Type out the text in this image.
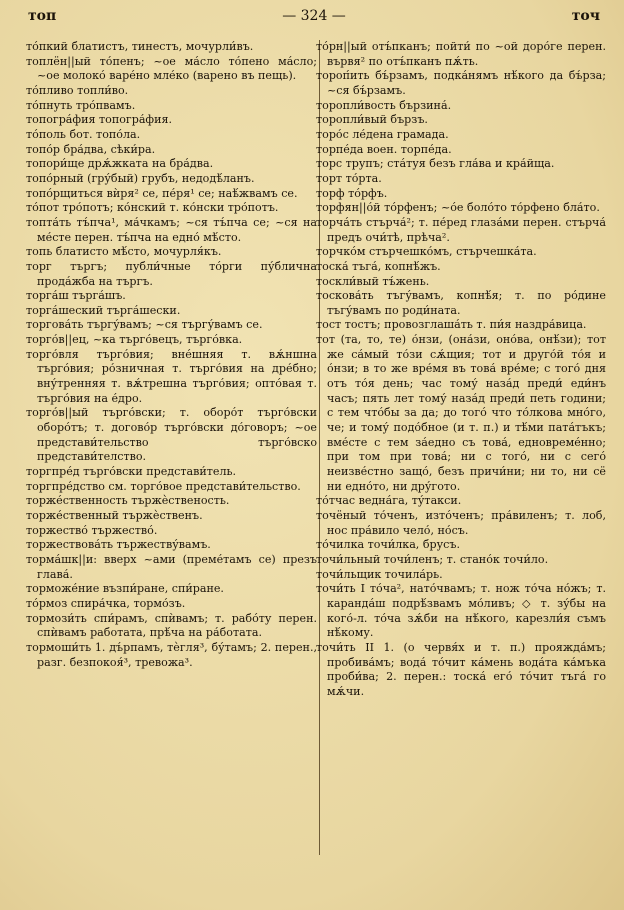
топ	— 324 —	точ

то́пкий блатистъ, тинестъ, мочурли́въ.

топлён||ый то́пенъ; ~ое ма́сло то́пено ма́сло; ~ое молоко́ варе́но мле́ко (варено въ пещь).

то́пливо топли́во.

то́пнуть тро́пвамъ.

топогра́фия топогра́фия.

то́поль бот. топо́ла.

топо́р бра́два, сѣки́ра.

топори́ще дрѫ́жката на бра́два.

топо́рный (гру́бый) грубъ, недодѣ́ланъ.

топо́рщиться вѝря² се, пе́ря¹ се; наѣ́жвамъ се.

то́пот тро́потъ; ко́нский т. ко́нски тро́потъ.

топта́ть тъ́пча¹, ма́чкамъ; ~ся тъ́пча се; ~ся на ме́сте перен. тъ́пча на едно́ мѣ́сто.

топь блатисто мѣ́сто, мочурля́къ.

торг търгъ; публи́чные то́рги пу́блична прода́жба на търгъ.

торга́ш търга́шъ.

торга́шеский търга́шески.

торгова́ть търгу́вамъ; ~ся търгу́вамъ се.

торго́в||ец, ~ка търго́вецъ, търго́вка.

торго́вля търго́вия; вне́шняя т. вѫ́ншна търго́вия; ро́зничная т. търго́вия на дре́бно; вну́тренняя т. вѫ́трешна търго́вия; опто́вая т. търго́вия на е́дро.

торго́в||ый търго́вски; т. оборо́т търго́вски оборо́тъ; т. догово́р търго́вски до́говоръ; ~ое представи́тельство търго́вско представи́телство.

торгпре́д търго́вски представи́тель.

торгпре́дство см. торго́вое представи́тельство.

торже́ственность тържѐственость.

торже́ственный тържѐственъ.

торжество́ тържество́.

торжествова́ть тържеству́вамъ.

торма́шк||и: вверх ~ами (преме́тамъ се) презъ глава́.

торможе́ние възпи́ране, спи́ране.

то́рмоз спира́чка, тормо́зъ.

тормози́ть спи́рамъ, спѝвамъ; т. рабо́ту перен. спѝвамъ работата, прѣ́ча на ра́ботата.

тормоши́ть 1. дъ́рпамъ, тѐгля³, бу́тамъ; 2. перен., разг. безпокоя́³, тревожа³.

то́рн||ый отъ́пканъ; пойти́ по ~ой доро́ге перен. вървя² по отъ́пканъ пѫ́ть.

тороп́ить бъ́рзамъ, подка́нямъ нѣ́кого да бъ́рза; ~ся бъ́рзамъ.

торопли́вость бързина́.

торопли́вый бързъ.

торо́с ле́дена грамада.

торпе́да воен. торпе́да.

торс трупъ; ста́туя безъ гла́ва и кра́йща.

торт то́рта.

торф то́рфъ.

торфян||о́й то́рфенъ; ~о́е боло́то то́рфено бла́то.

торча́ть стърча́²; т. пе́ред глаза́ми перен. стърча́ предъ очи́тѣ, прѣча².

торчко́м стърчешко́мъ, стърчешка́та.

тоска́ тъга́, копнѣ́жъ.

тоскли́вый тъ́жень.

тоскова́ть тъгу́вамъ, копнѣ́я; т. по ро́дине тъгу́вамъ по роди́ната.

тост тостъ; провозглаша́ть т. пи́я наздра́вица.

тот (та, то, те) о́нзи, (она́зи, оно́ва, онѣ́зи); тот же са́мый то́зи сѫ́щия; тот и друго́й то́я и о́нзи; в то же вре́мя въ това́ вре́ме; с того́ дня отъ то́я день; час тому́ наза́д преди́ еди́нъ часъ; пять лет тому́ наза́д преди́ петь години; с тем что́бы за да; до того́ что то́лкова мно́го, че; и тому́ подо́бное (и т. п.) и тѣ́ми пата́тъкъ; вме́сте с тем за́едно съ това́, едновреме́нно; при том при това́; ни с того́, ни с сего́ неизве́стно защо́, безъ причи́ни; ни то, ни сё ни едно́то, ни дру́гото.

то́тчас ведна́га, ту́такси.

точёный то́ченъ, изто́ченъ; пра́виленъ; т. лоб, нос пра́вило чело́, но́съ.

то́чилка точи́лка, брусъ.

точи́льный точи́ленъ; т. стано́к точи́ло.

точи́льщик точила́рь.

точи́ть I то́ча², нато́чвамъ; т. нож то́ча но́жъ; т. каранда́ш подрѣ́звамъ мо́ливъ; ◇ т. зу́бы на кого́-л. то́ча зѫ́би на нѣ́кого, карезли́я съмъ нѣ́кому.

точи́ть II 1. (о червя́х и т. п.) прояжда́мъ; пробива́мъ; вода́ то́чит ка́мень вода́та ка́мъка проби́ва; 2. перен.: тоска́ его́ то́чит тъга́ го мѫ́чи.
